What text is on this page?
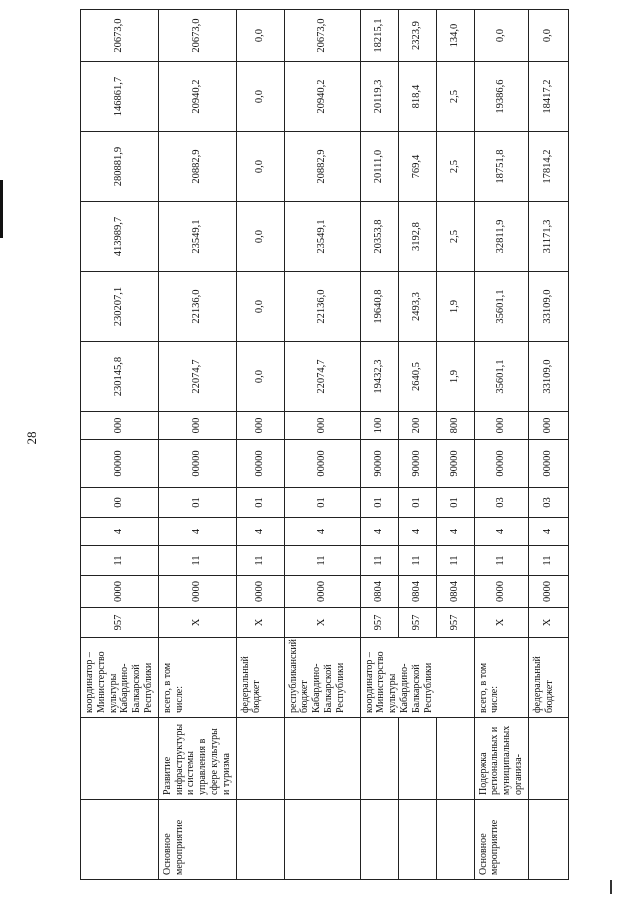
28
		координатор – Министерство культуры Кабардино-Балкарской Республики	957	0000	11	4	00	00000	000	230145,8	230207,1	413989,7	280881,9	146861,7	20673,0
Основное мероприятие	Развитие инфраструктуры и системы управления в сфере культуры и туризма	всего, в том числе:	Х	0000	11	4	01	00000	000	22074,7	22136,0	23549,1	20882,9	20940,2	20673,0
		федеральный бюджет	Х	0000	11	4	01	00000	000	0,0	0,0	0,0	0,0	0,0	0,0
		республиканский бюджет Кабардино-Балкарской Республики	Х	0000	11	4	01	00000	000	22074,7	22136,0	23549,1	20882,9	20940,2	20673,0
		координатор – Министерство культуры Кабардино-Балкарской Республики	957	0804	11	4	01	90000	100	19432,3	19640,8	20353,8	20111,0	20119,3	18215,1
			957	0804	11	4	01	90000	200	2640,5	2493,3	3192,8	769,4	818,4	2323,9
			957	0804	11	4	01	90000	800	1,9	1,9	2,5	2,5	2,5	134,0
Основное мероприятие	Подержка региональных и муниципальных организа-	всего, в том числе:	Х	0000	11	4	03	00000	000	35601,1	35601,1	32811,9	18751,8	19386,6	0,0
		федеральный бюджет	Х	0000	11	4	03	00000	000	33109,0	33109,0	31171,3	17814,2	18417,2	0,0
